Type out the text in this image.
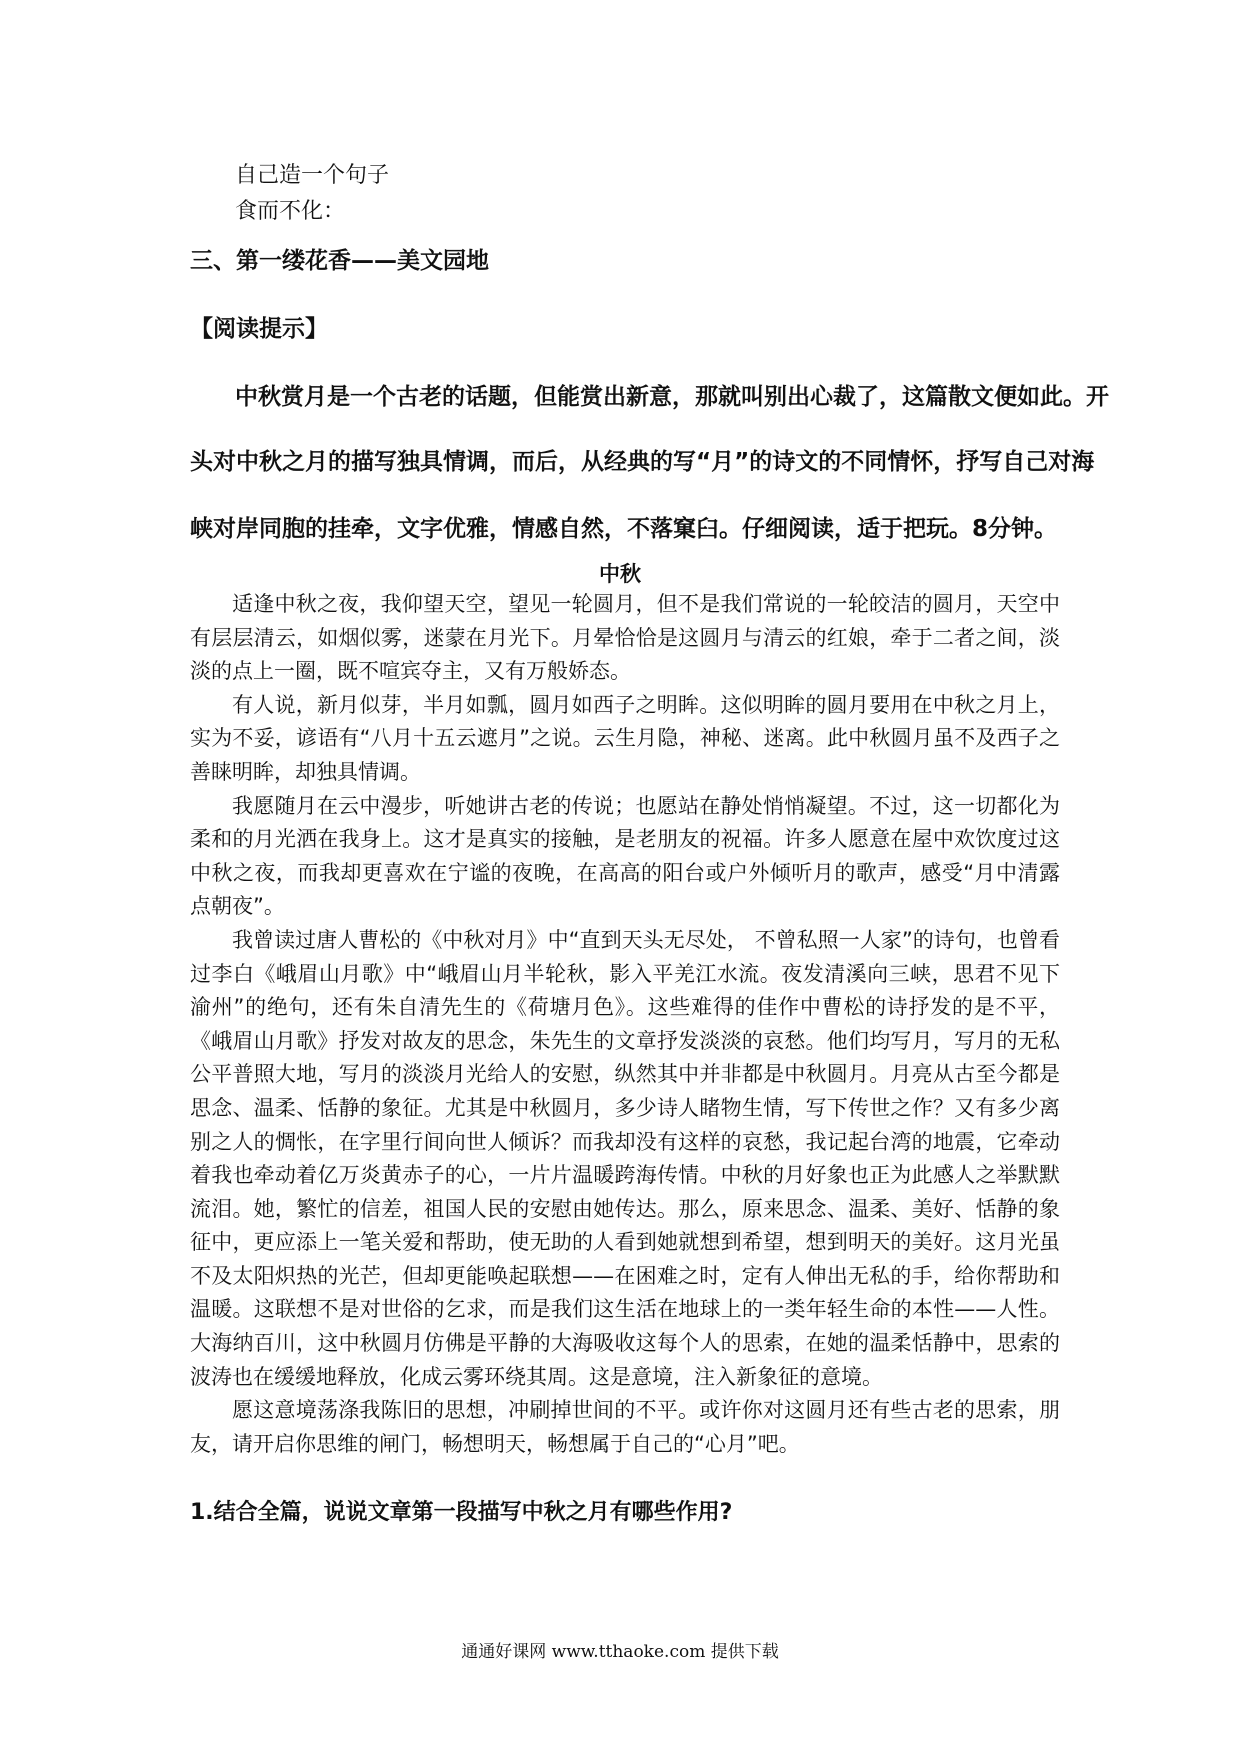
自己造一个句子
食而不化：
三、第一缕花香——美文园地
【阅读提示】
中秋赏月是一个古老的话题，但能赏出新意，那就叫别出心裁了，这篇散文便如此。开
头对中秋之月的描写独具情调，而后，从经典的写“月”的诗文的不同情怀，抒写自己对海
峡对岸同胞的挂牵，文字优雅，情感自然，不落窠臼。仔细阅读，适于把玩。8分钟。
中秋

适逢中秋之夜，我仰望天空，望见一轮圆月，但不是我们常说的一轮皎洁的圆月，天空中有层层清云，如烟似雾，迷蒙在月光下。月晕恰恰是这圆月与清云的红娘，牵于二者之间，淡淡的点上一圈，既不喧宾夺主，又有万般娇态。

有人说，新月似芽，半月如瓢，圆月如西子之明眸。这似明眸的圆月要用在中秋之月上，实为不妥，谚语有“八月十五云遮月”之说。云生月隐，神秘、迷离。此中秋圆月虽不及西子之善睐明眸，却独具情调。

我愿随月在云中漫步，听她讲古老的传说；也愿站在静处悄悄凝望。不过，这一切都化为柔和的月光洒在我身上。这才是真实的接触，是老朋友的祝福。许多人愿意在屋中欢饮度过这中秋之夜，而我却更喜欢在宁谧的夜晚，在高高的阳台或户外倾听月的歌声，感受“月中清露点朝夜”。

我曾读过唐人曹松的《中秋对月》中“直到天头无尽处， 不曾私照一人家”的诗句，也曾看过李白《峨眉山月歌》中“峨眉山月半轮秋，影入平羌江水流。夜发清溪向三峡，思君不见下渝州”的绝句，还有朱自清先生的《荷塘月色》。这些难得的佳作中曹松的诗抒发的是不平，《峨眉山月歌》抒发对故友的思念，朱先生的文章抒发淡淡的哀愁。他们均写月，写月的无私公平普照大地，写月的淡淡月光给人的安慰，纵然其中并非都是中秋圆月。月亮从古至今都是思念、温柔、恬静的象征。尤其是中秋圆月，多少诗人睹物生情，写下传世之作？又有多少离别之人的惆怅，在字里行间向世人倾诉？而我却没有这样的哀愁，我记起台湾的地震，它牵动着我也牵动着亿万炎黄赤子的心，一片片温暖跨海传情。中秋的月好象也正为此感人之举默默流泪。她，繁忙的信差，祖国人民的安慰由她传达。那么，原来思念、温柔、美好、恬静的象征中，更应添上一笔关爱和帮助，使无助的人看到她就想到希望，想到明天的美好。这月光虽不及太阳炽热的光芒，但却更能唤起联想——在困难之时，定有人伸出无私的手，给你帮助和温暖。这联想不是对世俗的乞求，而是我们这生活在地球上的一类年轻生命的本性——人性。大海纳百川，这中秋圆月仿佛是平静的大海吸收这每个人的思索，在她的温柔恬静中，思索的波涛也在缓缓地释放，化成云雾环绕其周。这是意境，注入新象征的意境。

愿这意境荡涤我陈旧的思想，冲刷掉世间的不平。或许你对这圆月还有些古老的思索，朋友，请开启你思维的闸门，畅想明天，畅想属于自己的“心月”吧。

1.结合全篇，说说文章第一段描写中秋之月有哪些作用?
通通好课网 www.tthaoke.com 提供下载
